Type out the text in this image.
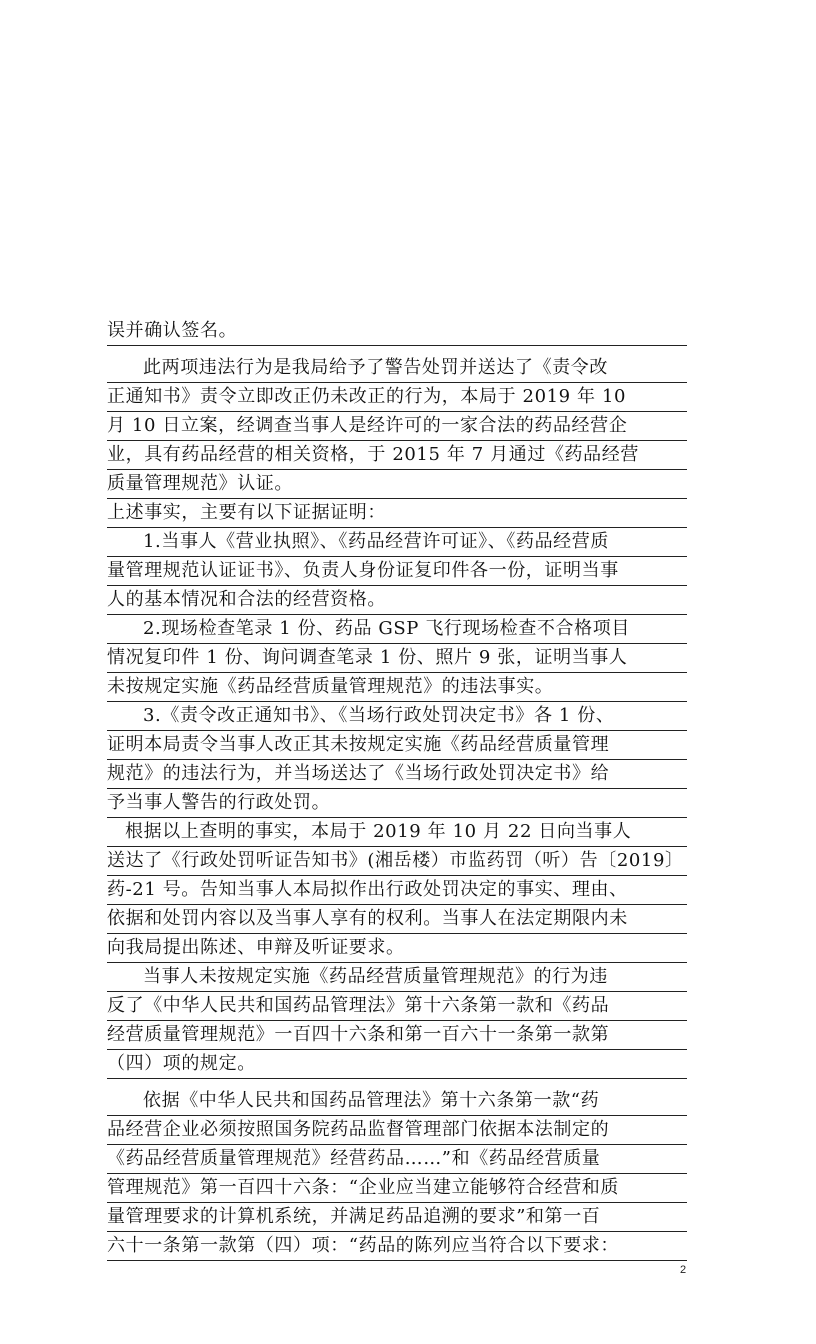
误并确认签名。
此两项违法行为是我局给予了警告处罚并送达了《责令改
正通知书》责令立即改正仍未改正的行为，本局于 2019 年 10
月 10 日立案，经调查当事人是经许可的一家合法的药品经营企
业，具有药品经营的相关资格，于 2015 年 7 月通过《药品经营
质量管理规范》认证。
上述事实，主要有以下证据证明：
1.当事人《营业执照》、《药品经营许可证》、《药品经营质
量管理规范认证证书》、负责人身份证复印件各一份，证明当事
人的基本情况和合法的经营资格。
2.现场检查笔录 1 份、药品 GSP 飞行现场检查不合格项目
情况复印件 1 份、询问调查笔录 1 份、照片 9 张，证明当事人
未按规定实施《药品经营质量管理规范》的违法事实。
3.《责令改正通知书》、《当场行政处罚决定书》各 1 份、
证明本局责令当事人改正其未按规定实施《药品经营质量管理
规范》的违法行为，并当场送达了《当场行政处罚决定书》给
予当事人警告的行政处罚。
根据以上查明的事实，本局于 2019 年 10 月 22 日向当事人
送达了《行政处罚听证告知书》(湘岳楼）市监药罚（听）告〔2019〕
药-21 号。告知当事人本局拟作出行政处罚决定的事实、理由、
依据和处罚内容以及当事人享有的权利。当事人在法定期限内未
向我局提出陈述、申辩及听证要求。
当事人未按规定实施《药品经营质量管理规范》的行为违
反了《中华人民共和国药品管理法》第十六条第一款和《药品
经营质量管理规范》一百四十六条和第一百六十一条第一款第
（四）项的规定。
依据《中华人民共和国药品管理法》第十六条第一款“药
品经营企业必须按照国务院药品监督管理部门依据本法制定的
《药品经营质量管理规范》经营药品……”和《药品经营质量
管理规范》第一百四十六条：“企业应当建立能够符合经营和质
量管理要求的计算机系统，并满足药品追溯的要求”和第一百
六十一条第一款第（四）项：“药品的陈列应当符合以下要求：
2
